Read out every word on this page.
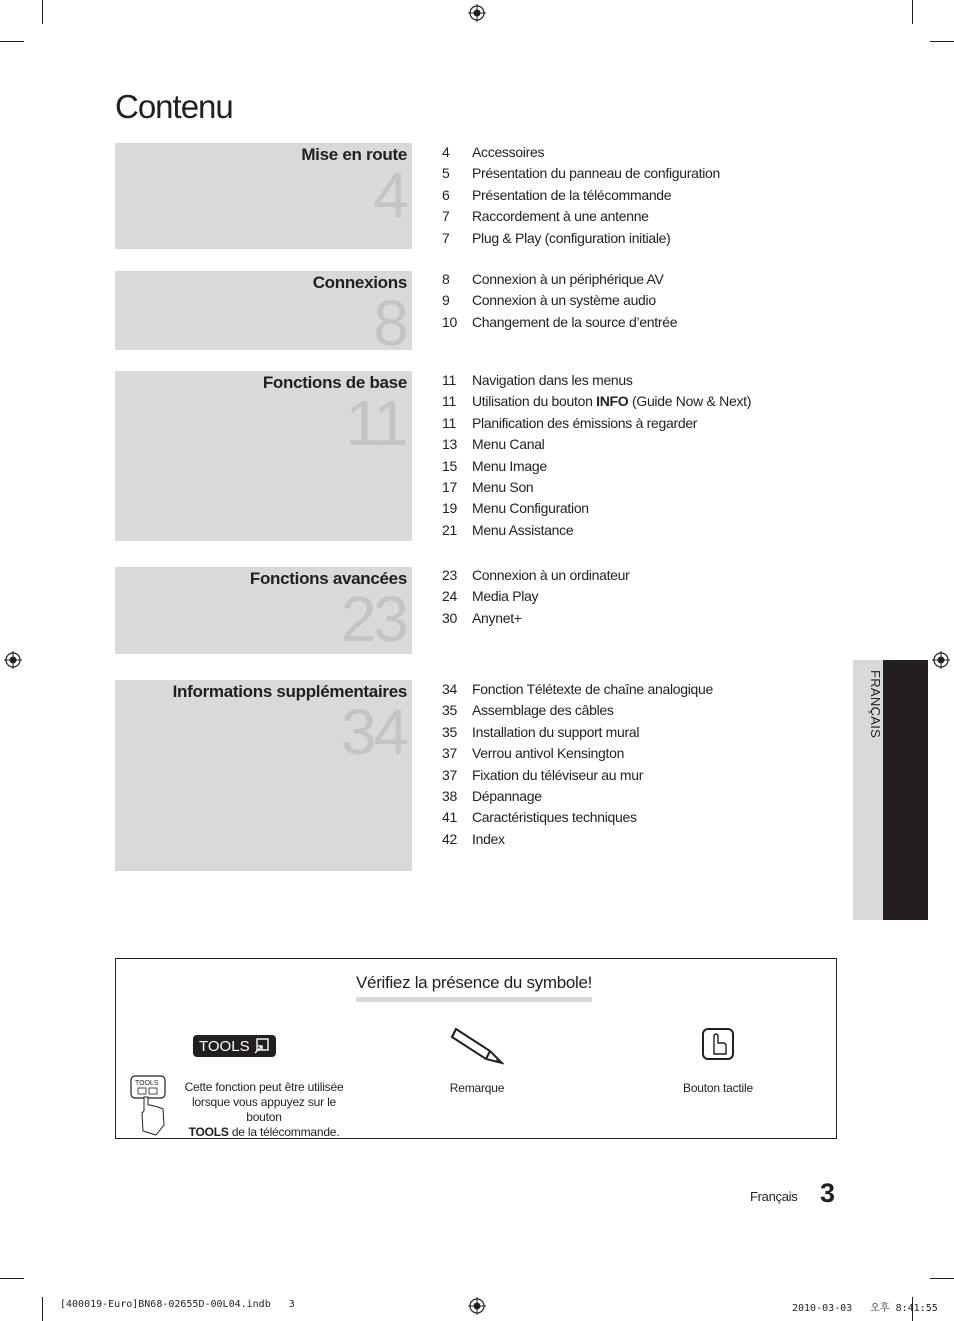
Contenu
Mise en route
4
4	Accessoires
5	Présentation du panneau de configuration
6	Présentation de la télécommande
7	Raccordement à une antenne
7	Plug & Play (configuration initiale)
Connexions
8
8	Connexion à un périphérique AV
9	Connexion à un système audio
10	Changement de la source d’entrée
Fonctions de base
11
11	Navigation dans les menus
11	Utilisation du bouton INFO (Guide Now & Next)
11	Planification des émissions à regarder
13	Menu Canal
15	Menu Image
17	Menu Son
19	Menu Configuration
21	Menu Assistance
Fonctions avancées
23
23	Connexion à un ordinateur
24	Media Play
30	Anynet+
Informations supplémentaires
34
34	Fonction Télétexte de chaîne analogique
35	Assemblage des câbles
35	Installation du support mural
37	Verrou antivol Kensington
37	Fixation du téléviseur au mur
38	Dépannage
41	Caractéristiques techniques
42	Index
FRANÇAIS
Vérifiez la présence du symbole!
TOOLS
TOOLS	Cette fonction peut être utilisée
lorsque vous appuyez sur le bouton
TOOLS de la télécommande.
Remarque	Bouton tactile
Français 3
[400019-Euro]BN68-02655D-00L04.indb   3	2010-03-03   오후 8:41:55
